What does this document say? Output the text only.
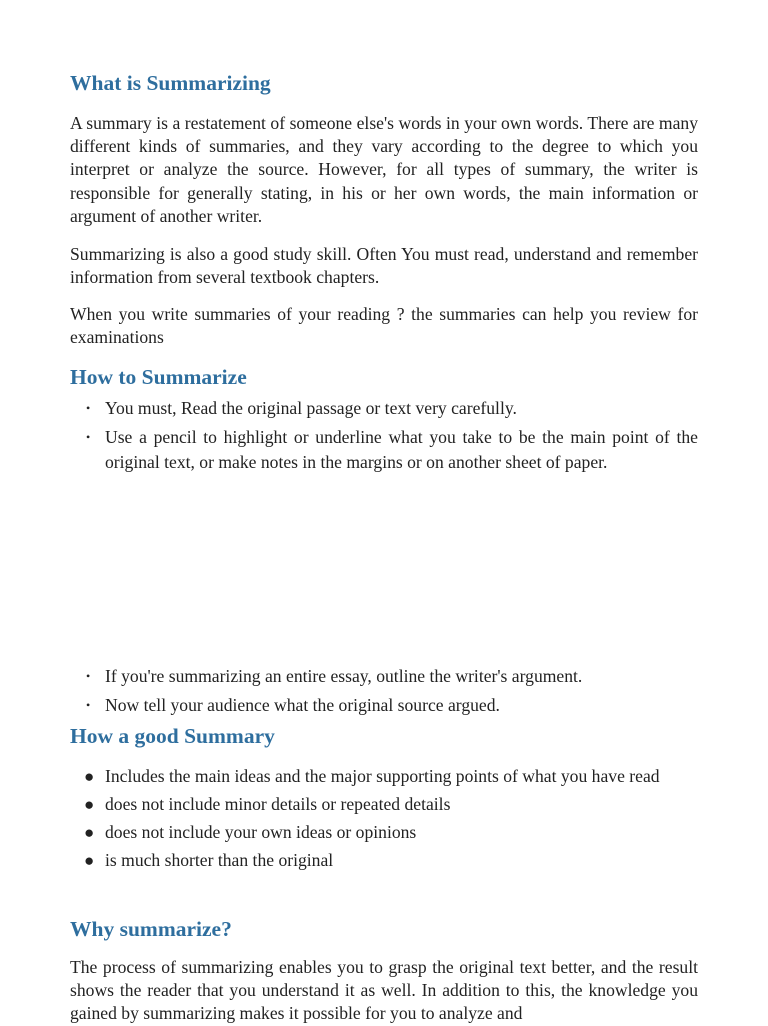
What is Summarizing

A summary is a restatement of someone else's words in your own words. There are many different kinds of summaries, and they vary according to the degree to which you interpret or analyze the source. However, for all types of summary, the writer is responsible for generally stating, in his or her own words, the main information or argument of another writer.

Summarizing is also a good study skill. Often You must read, understand and remember information from several textbook chapters.

When you write summaries of your reading ? the summaries can help you review for examinations

How to Summarize
• You must, Read the original passage or text very carefully.
• Use a pencil to highlight or underline what you take to be the main point of the original text, or make notes in the margins or on another sheet of paper.
• If you're summarizing an entire essay, outline the writer's argument.
• Now tell your audience what the original source argued.
How a good Summary
● Includes the main ideas and the major supporting points of what you have read
● does not include minor details or repeated details
● does not include your own ideas or opinions
● is much shorter than the original
Why summarize?

The process of summarizing enables you to grasp the original text better, and the result shows the reader that you understand it as well. In addition to this, the knowledge you gained by summarizing makes it possible for you to analyze and
